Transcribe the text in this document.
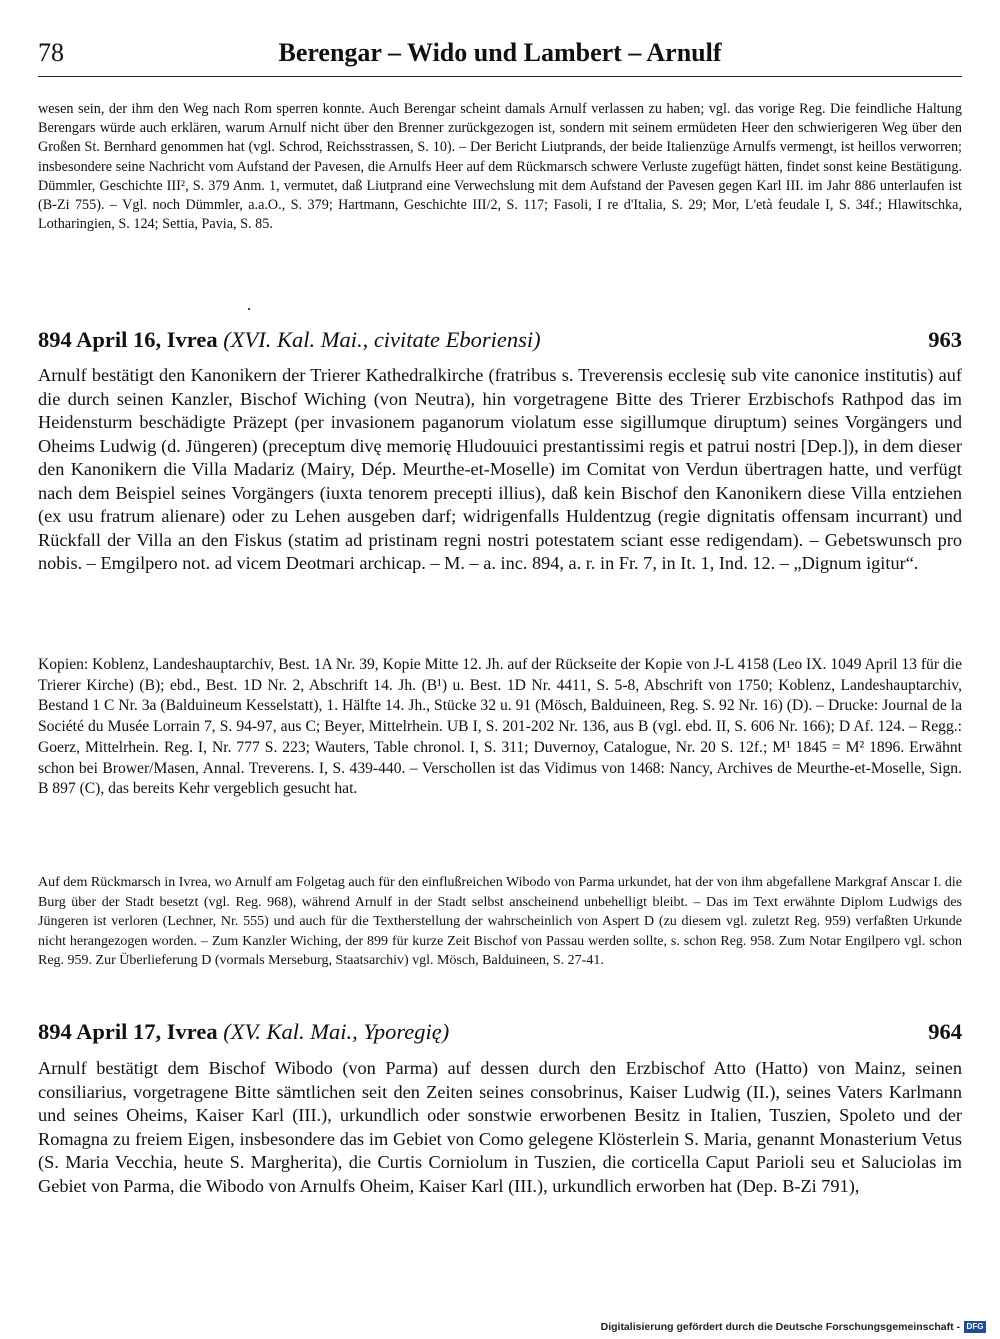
78	Berengar – Wido und Lambert – Arnulf

wesen sein, der ihm den Weg nach Rom sperren konnte. Auch Berengar scheint damals Arnulf verlassen zu haben; vgl. das vorige Reg. Die feindliche Haltung Berengars würde auch erklären, warum Arnulf nicht über den Brenner zurückgezogen ist, sondern mit seinem ermüdeten Heer den schwierigeren Weg über den Großen St. Bernhard genommen hat (vgl. Schrod, Reichsstrassen, S. 10). – Der Bericht Liutprands, der beide Italienzüge Arnulfs vermengt, ist heillos verworren; insbesondere seine Nachricht vom Aufstand der Pavesen, die Arnulfs Heer auf dem Rückmarsch schwere Verluste zugefügt hätten, findet sonst keine Bestätigung. Dümmler, Geschichte III², S. 379 Anm. 1, vermutet, daß Liutprand eine Verwechslung mit dem Aufstand der Pavesen gegen Karl III. im Jahr 886 unterlaufen ist (B-Zi 755). – Vgl. noch Dümmler, a.a.O., S. 379; Hartmann, Geschichte III/2, S. 117; Fasoli, I re d'Italia, S. 29; Mor, L'età feudale I, S. 34f.; Hlawitschka, Lotharingien, S. 124; Settia, Pavia, S. 85.

894 April 16, Ivrea (XVI. Kal. Mai., civitate Eboriensi)	963

Arnulf bestätigt den Kanonikern der Trierer Kathedralkirche (fratribus s. Treverensis ecclesię sub vite canonice institutis) auf die durch seinen Kanzler, Bischof Wiching (von Neutra), hin vorgetragene Bitte des Trierer Erzbischofs Rathpod das im Heidensturm beschädigte Präzept (per invasionem paganorum violatum esse sigillumque diruptum) seines Vorgängers und Oheims Ludwig (d. Jüngeren) (preceptum divę memorię Hludouuici prestantissimi regis et patrui nostri [Dep.]), in dem dieser den Kanonikern die Villa Madariz (Mairy, Dép. Meurthe-et-Moselle) im Comitat von Verdun übertragen hatte, und verfügt nach dem Beispiel seines Vorgängers (iuxta tenorem precepti illius), daß kein Bischof den Kanonikern diese Villa entziehen (ex usu fratrum alienare) oder zu Lehen ausgeben darf; widrigenfalls Huldentzug (regie dignitatis offensam incurrant) und Rückfall der Villa an den Fiskus (statim ad pristinam regni nostri potestatem sciant esse redigendam). – Gebetswunsch pro nobis. – Emgilpero not. ad vicem Deotmari archicap. – M. – a. inc. 894, a. r. in Fr. 7, in It. 1, Ind. 12. – „Dignum igitur“.

Kopien: Koblenz, Landeshauptarchiv, Best. 1A Nr. 39, Kopie Mitte 12. Jh. auf der Rückseite der Kopie von J-L 4158 (Leo IX. 1049 April 13 für die Trierer Kirche) (B); ebd., Best. 1D Nr. 2, Abschrift 14. Jh. (B¹) u. Best. 1D Nr. 4411, S. 5-8, Abschrift von 1750; Koblenz, Landeshauptarchiv, Bestand 1 C Nr. 3a (Balduineum Kesselstatt), 1. Hälfte 14. Jh., Stücke 32 u. 91 (Mösch, Balduineen, Reg. S. 92 Nr. 16) (D). – Drucke: Journal de la Société du Musée Lorrain 7, S. 94-97, aus C; Beyer, Mittelrhein. UB I, S. 201-202 Nr. 136, aus B (vgl. ebd. II, S. 606 Nr. 166); D Af. 124. – Regg.: Goerz, Mittelrhein. Reg. I, Nr. 777 S. 223; Wauters, Table chronol. I, S. 311; Duvernoy, Catalogue, Nr. 20 S. 12f.; M¹ 1845 = M² 1896. Erwähnt schon bei Brower/Masen, Annal. Treverens. I, S. 439-440. – Verschollen ist das Vidimus von 1468: Nancy, Archives de Meurthe-et-Moselle, Sign. B 897 (C), das bereits Kehr vergeblich gesucht hat.

Auf dem Rückmarsch in Ivrea, wo Arnulf am Folgetag auch für den einflußreichen Wibodo von Parma urkundet, hat der von ihm abgefallene Markgraf Anscar I. die Burg über der Stadt besetzt (vgl. Reg. 968), während Arnulf in der Stadt selbst anscheinend unbehelligt bleibt. – Das im Text erwähnte Diplom Ludwigs des Jüngeren ist verloren (Lechner, Nr. 555) und auch für die Textherstellung der wahrscheinlich von Aspert D (zu diesem vgl. zuletzt Reg. 959) verfaßten Urkunde nicht herangezogen worden. – Zum Kanzler Wiching, der 899 für kurze Zeit Bischof von Passau werden sollte, s. schon Reg. 958. Zum Notar Engilpero vgl. schon Reg. 959. Zur Überlieferung D (vormals Merseburg, Staatsarchiv) vgl. Mösch, Balduineen, S. 27-41.

894 April 17, Ivrea (XV. Kal. Mai., Yporegię)	964

Arnulf bestätigt dem Bischof Wibodo (von Parma) auf dessen durch den Erzbischof Atto (Hatto) von Mainz, seinen consiliarius, vorgetragene Bitte sämtlichen seit den Zeiten seines consobrinus, Kaiser Ludwig (II.), seines Vaters Karlmann und seines Oheims, Kaiser Karl (III.), urkundlich oder sonstwie erworbenen Besitz in Italien, Tuszien, Spoleto und der Romagna zu freiem Eigen, insbesondere das im Gebiet von Como gelegene Klösterlein S. Maria, genannt Monasterium Vetus (S. Maria Vecchia, heute S. Margherita), die Curtis Corniolum in Tuszien, die corticella Caput Parioli seu et Saluciolas im Gebiet von Parma, die Wibodo von Arnulfs Oheim, Kaiser Karl (III.), urkundlich erworben hat (Dep. B-Zi 791),

Digitalisierung gefördert durch die Deutsche Forschungsgemeinschaft - DFG
